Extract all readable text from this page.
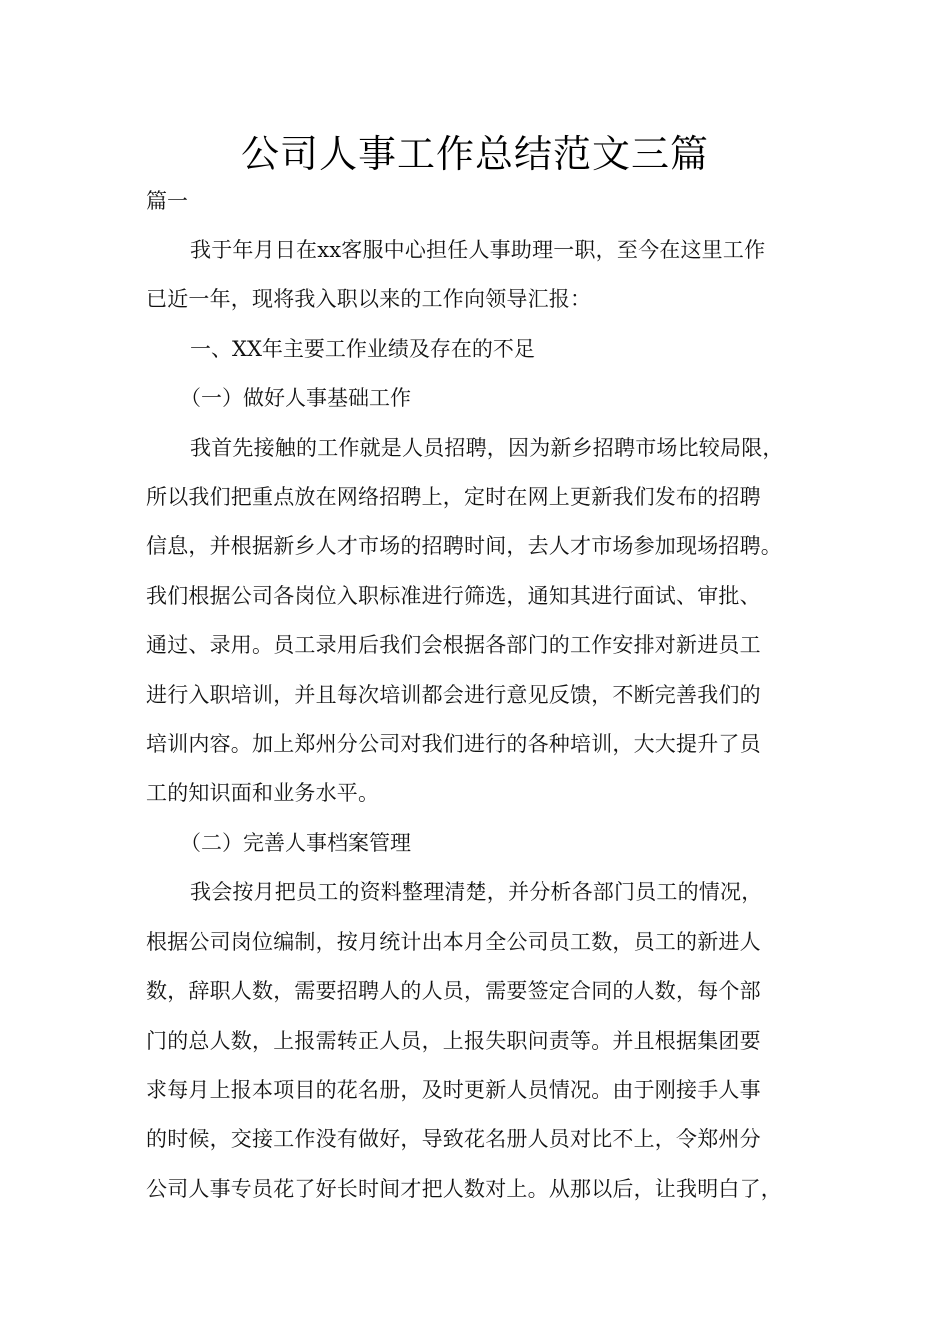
公司人事工作总结范文三篇
篇一

我于年月日在xx客服中心担任人事助理一职，至今在这里工作
已近一年，现将我入职以来的工作向领导汇报：

一、XX年主要工作业绩及存在的不足

（一）做好人事基础工作

我首先接触的工作就是人员招聘，因为新乡招聘市场比较局限，
所以我们把重点放在网络招聘上，定时在网上更新我们发布的招聘
信息，并根据新乡人才市场的招聘时间，去人才市场参加现场招聘。
我们根据公司各岗位入职标准进行筛选，通知其进行面试、审批、
通过、录用。员工录用后我们会根据各部门的工作安排对新进员工
进行入职培训，并且每次培训都会进行意见反馈，不断完善我们的
培训内容。加上郑州分公司对我们进行的各种培训，大大提升了员
工的知识面和业务水平。

（二）完善人事档案管理

我会按月把员工的资料整理清楚，并分析各部门员工的情况，
根据公司岗位编制，按月统计出本月全公司员工数，员工的新进人
数，辞职人数，需要招聘人的人员，需要签定合同的人数，每个部
门的总人数，上报需转正人员，上报失职问责等。并且根据集团要
求每月上报本项目的花名册，及时更新人员情况。由于刚接手人事
的时候，交接工作没有做好，导致花名册人员对比不上，令郑州分
公司人事专员花了好长时间才把人数对上。从那以后，让我明白了，
